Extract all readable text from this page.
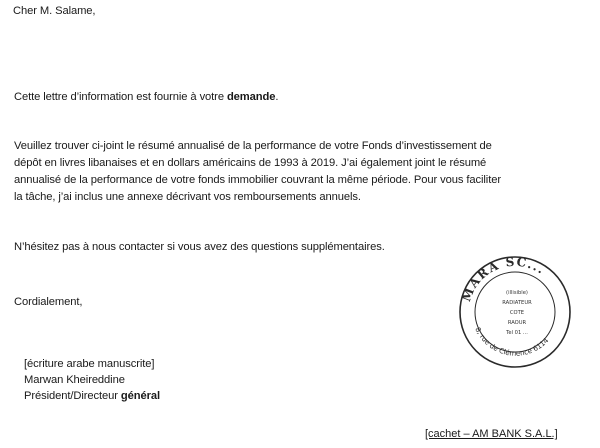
Cher M. Salame,
Cette lettre d’information est fournie à votre demande.
Veuillez trouver ci-joint le résumé annualisé de la performance de votre Fonds d’investissement de
dépôt en livres libanaises et en dollars américains de 1993 à 2019. J’ai également joint le résumé
annualisé de la performance de votre fonds immobilier couvrant la même période. Pour vous faciliter
la tâche, j’ai inclus une annexe décrivant vos remboursements annuels.
N’hésitez pas à nous contacter si vous avez des questions supplémentaires.
Cordialement,
[écriture arabe manuscrite]
Marwan Kheireddine
Président/Directeur général
MARA SC...
8, rue de Clémence 6114
(illisible)
RADIATEUR
COTE
RAOUR
Tel 01 ...
[cachet – AM BANK S.A.L.]
